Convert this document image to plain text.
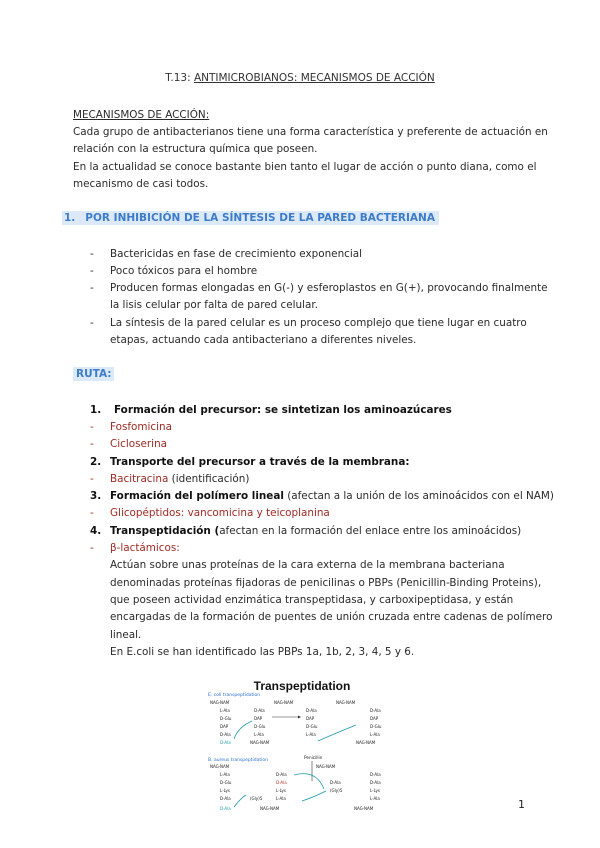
T.13: ANTIMICROBIANOS: MECANISMOS DE ACCIÓN
MECANISMOS DE ACCIÓN:
Cada grupo de antibacterianos tiene una forma característica y preferente de actuación en
relación con la estructura química que poseen.
En la actualidad se conoce bastante bien tanto el lugar de acción o punto diana, como el
mecanismo de casi todos.
1. POR INHIBICIÓN DE LA SÍNTESIS DE LA PARED BACTERIANA
- Bactericidas en fase de crecimiento exponencial
- Poco tóxicos para el hombre
- Producen formas elongadas en G(-) y esferoplastos en G(+), provocando finalmente
la lisis celular por falta de pared celular.
- La síntesis de la pared celular es un proceso complejo que tiene lugar en cuatro
etapas, actuando cada antibacteriano a diferentes niveles.
RUTA:
1. Formación del precursor: se sintetizan los aminoazúcares
- Fosfomicina
- Cicloserina
2. Transporte del precursor a través de la membrana:
- Bacitracina (identificación)
3. Formación del polímero lineal (afectan a la unión de los aminoácidos con el NAM)
- Glicopéptidos: vancomicina y teicoplanina
4. Transpeptidación (afectan en la formación del enlace entre los aminoácidos)
- β-lactámicos:
Actúan sobre unas proteínas de la cara externa de la membrana bacteriana
denominadas proteínas fijadoras de penicilinas o PBPs (Penicillin-Binding Proteins),
que poseen actividad enzimática transpeptidasa, y carboxipeptidasa, y están
encargadas de la formación de puentes de unión cruzada entre cadenas de polímero
lineal.
En E.coli se han identificado las PBPs 1a, 1b, 2, 3, 4, 5 y 6.
Transpeptidation
E. coli transpeptidation
NAG·NAM	NAG·NAM	NAG·NAM
L-Ala	D-Ala	D-Ala	D-Ala
D-Glu	DAP	DAP	DAP
DAP	D-Glu	D-Glu	D-Glu
D-Ala	L-Ala	L-Ala	L-Ala
D-Ala	NAG·NAM	NAG·NAM
B. aureus transpeptidation
Penicillin
NAG·NAM	NAG·NAM
L-Ala	D-Ala	D-Ala
D-Glu	D-Ala	D-Ala	D-Ala
L-Lys	L-Lys	(Gly)5	L-Lys
D-Ala	(Gly)5	L-Ala	L-Ala
D-Ala	NAG·NAM	NAG·NAM	1
